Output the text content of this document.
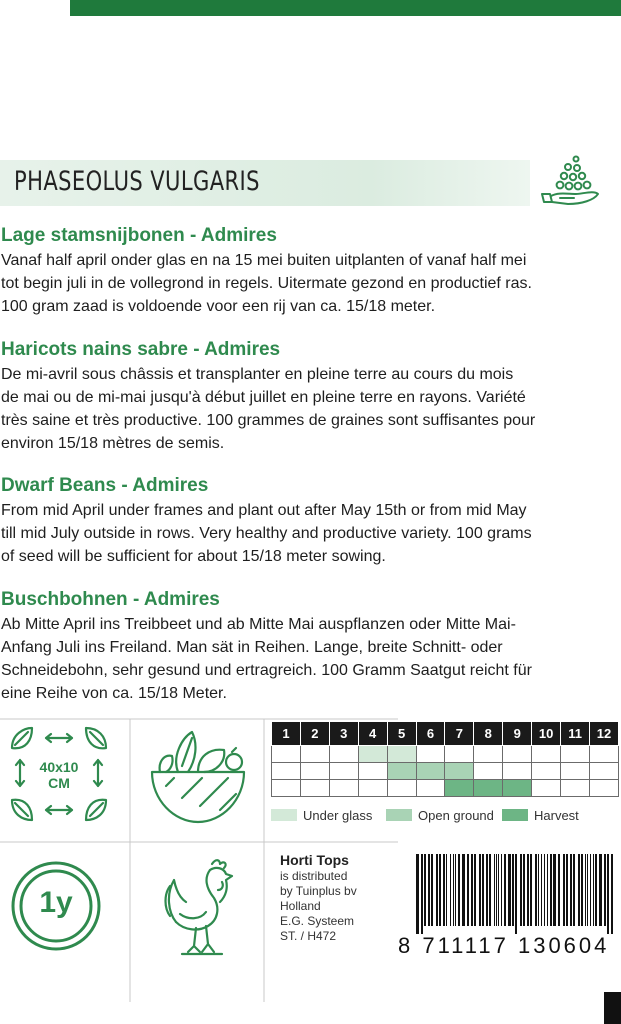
PHASEOLUS VULGARIS
Lage stamsnijbonen - Admires
Vanaf half april onder glas en na 15 mei buiten uitplanten of vanaf half mei
tot begin juli in de vollegrond in regels. Uitermate gezond en productief ras.
100 gram zaad is voldoende voor een rij van ca. 15/18 meter.
Haricots nains sabre - Admires
De mi-avril sous châssis et transplanter en pleine terre au cours du mois
de mai ou de mi-mai jusqu'à début juillet en pleine terre en rayons. Variété
très saine et très productive. 100 grammes de graines sont suffisantes pour
environ 15/18 mètres de semis.
Dwarf Beans - Admires
From mid April under frames and plant out after May 15th or from mid May
till mid July outside in rows. Very healthy and productive variety. 100 grams
of seed will be sufficient for about 15/18 meter sowing.
Buschbohnen - Admires
Ab Mitte April ins Treibbeet und ab Mitte Mai auspflanzen oder Mitte Mai-
Anfang Juli ins Freiland. Man sät in Reihen. Lange, breite Schnitt- oder
Schneidebohn, sehr gesund und ertragreich. 100 Gramm Saatgut reicht für
eine Reihe von ca. 15/18 Meter.
40x10
CM
1y
1	2	3	4	5	6	7	8	9	10	11	12

Under glass	Open ground	Harvest
Horti Tops
is distributed
by Tuinplus bv
Holland
E.G. Systeem
ST. / H472	8 711117 130604
